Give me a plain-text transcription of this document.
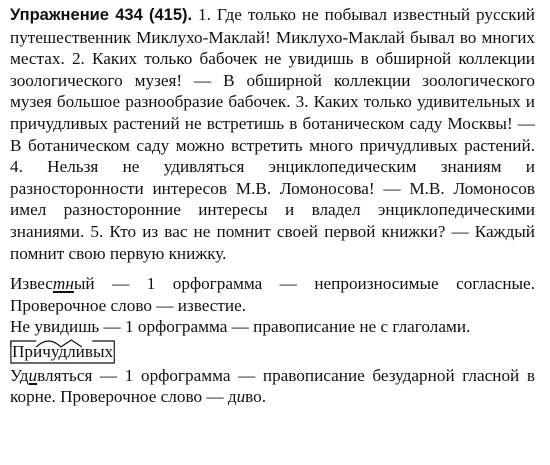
Упражнение 434 (415). 1. Где только не побывал известный русский путешественник Миклухо-Маклай! Миклухо-Маклай бывал во многих местах. 2. Каких только бабочек не увидишь в обширной коллекции зоологического музея! — В обширной коллекции зоологического музея большое разнообразие бабочек. 3. Каких только удивительных и причудливых растений не встретишь в ботаническом саду Москвы! — В ботаническом саду можно встретить много причудливых растений. 4. Нельзя не удивляться энциклопедическим знаниям и разносторонности интересов М.В. Ломоносова! — М.В. Ломоносов имел разносторонние интересы и владел энциклопедическими знаниями. 5. Кто из вас не помнит своей первой книжки? — Каждый помнит свою первую книжку.

Известный — 1 орфограмма — непроизносимые согласные. Проверочное слово — известие.

Не увидишь — 1 орфограмма — правописание не с глаголами.

Причудливых

Удивляться — 1 орфограмма — правописание безударной гласной в корне. Проверочное слово — диво.
